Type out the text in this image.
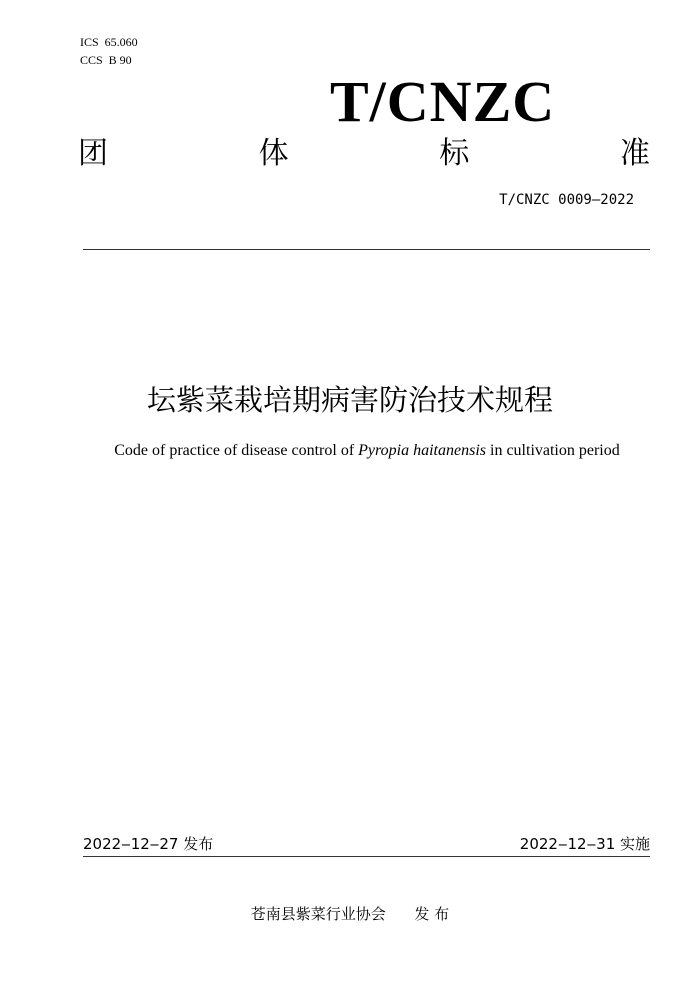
ICS  65.060
CCS  B 90
T/CNZC
团	体	标	准
T/CNZC 0009—2022
坛紫菜栽培期病害防治技术规程
Code of practice of disease control of Pyropia haitanensis in cultivation period
2022‒12‒27 发布	2022‒12‒31 实施
苍南县紫菜行业协会      发 布
